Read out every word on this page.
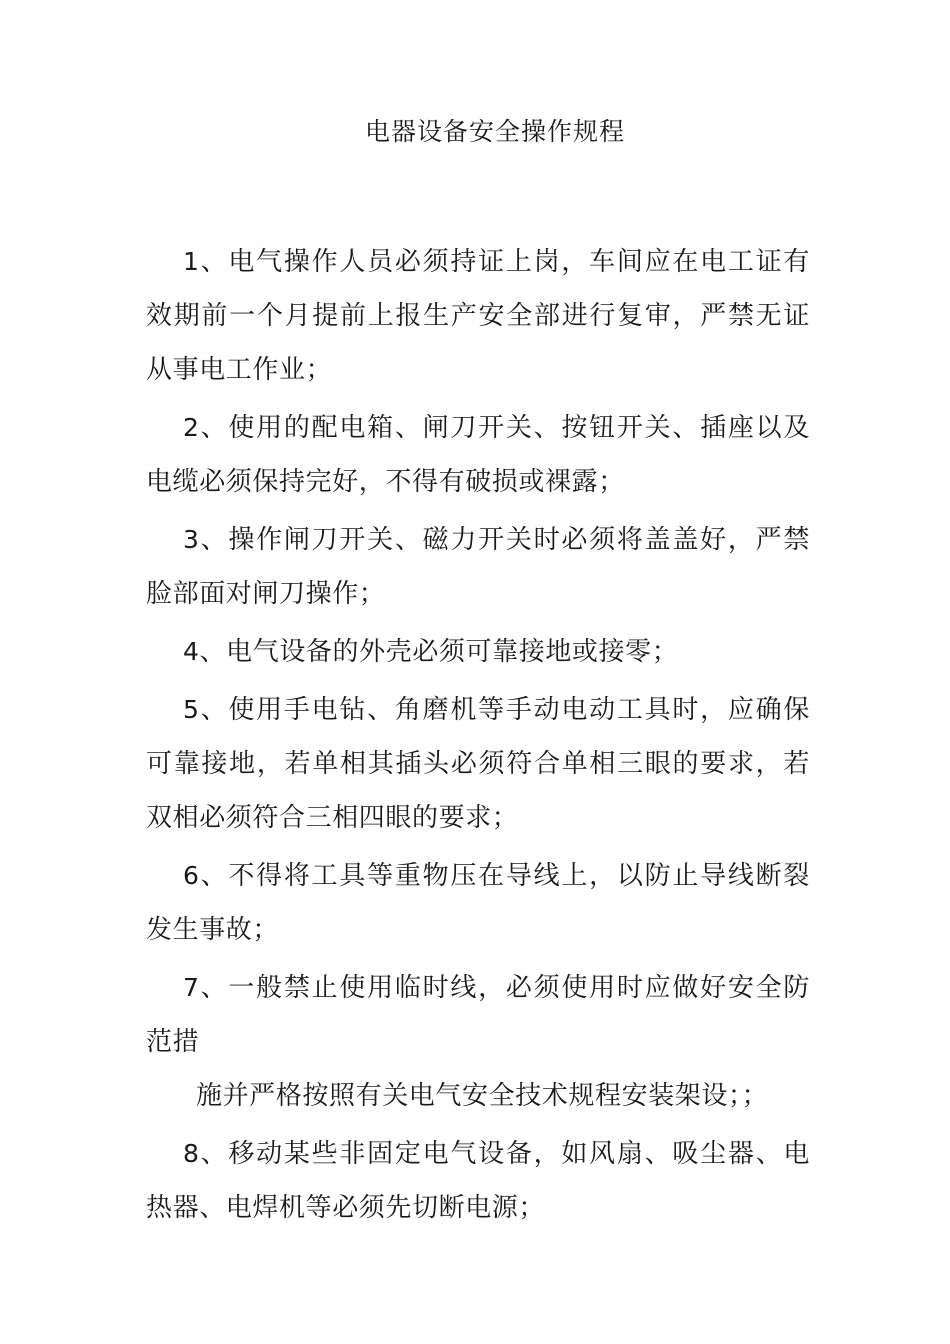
电器设备安全操作规程

1、电气操作人员必须持证上岗，车间应在电工证有效期前一个月提前上报生产安全部进行复审，严禁无证从事电工作业；

2、使用的配电箱、闸刀开关、按钮开关、插座以及电缆必须保持完好，不得有破损或裸露；

3、操作闸刀开关、磁力开关时必须将盖盖好，严禁脸部面对闸刀操作；

4、电气设备的外壳必须可靠接地或接零；

5、使用手电钻、角磨机等手动电动工具时，应确保可靠接地，若单相其插头必须符合单相三眼的要求，若双相必须符合三相四眼的要求；

6、不得将工具等重物压在导线上，以防止导线断裂发生事故；

7、一般禁止使用临时线，必须使用时应做好安全防范措
施并严格按照有关电气安全技术规程安装架设；；

8、移动某些非固定电气设备，如风扇、吸尘器、电热器、电焊机等必须先切断电源；
